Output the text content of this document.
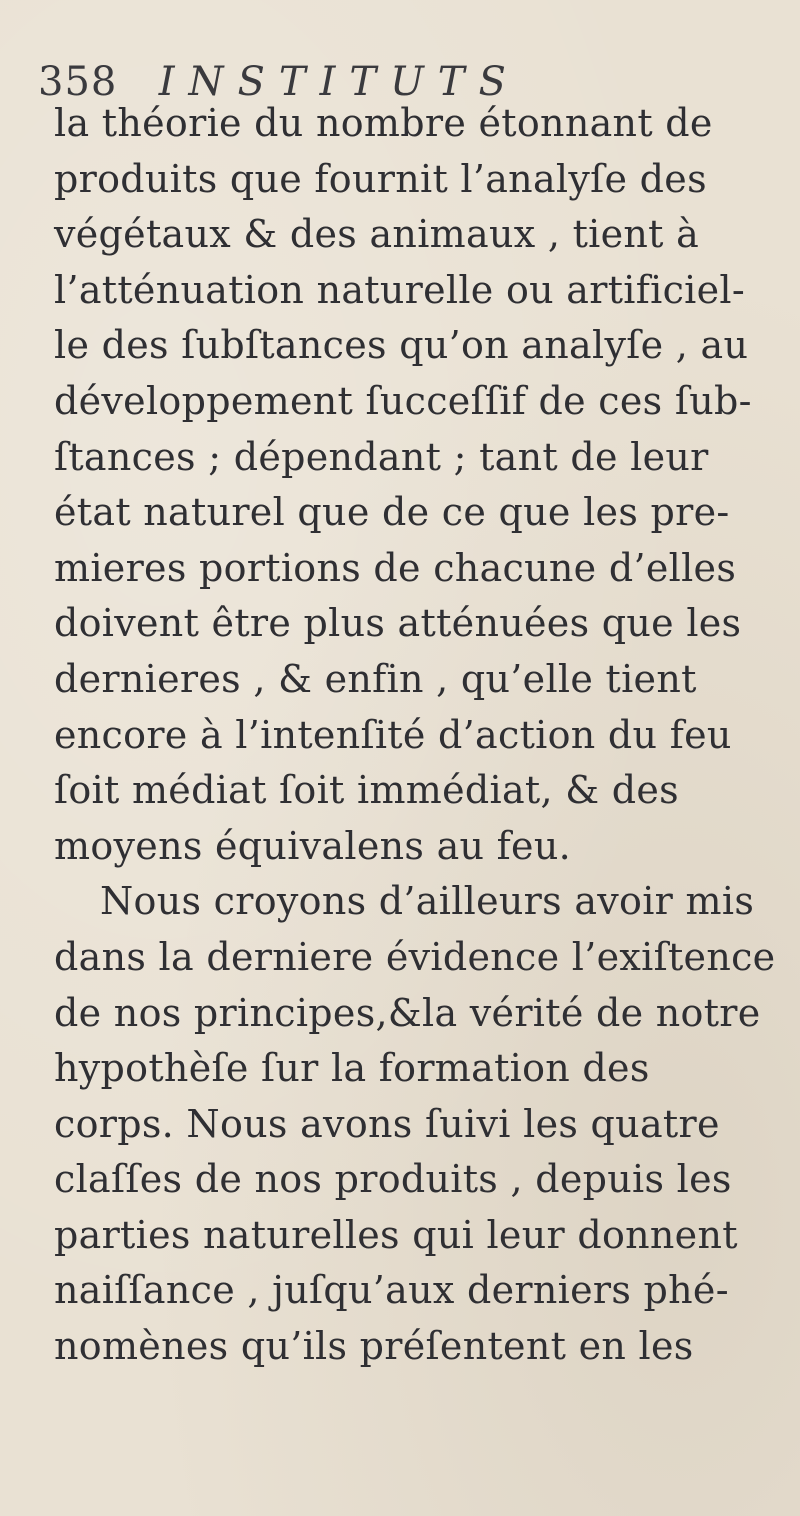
358 INSTITUTS
la théorie du nombre étonnant de
produits que fournit l’analyſe des
végétaux & des animaux , tient à
l’atténuation naturelle ou artificiel-
le des ſubſtances qu’on analyſe , au
développement ſucceſſif de ces ſub-
ſtances ; dépendant ; tant de leur
état naturel que de ce que les pre-
mieres portions de chacune d’elles
doivent être plus atténuées que les
dernieres , & enfin , qu’elle tient
encore à l’intenſité d’action du feu
ſoit médiat ſoit immédiat, & des
moyens équivalens au feu.
Nous croyons d’ailleurs avoir mis
dans la derniere évidence l’exiſtence
de nos principes,&la vérité de notre
hypothèſe ſur la formation des
corps. Nous avons ſuivi les quatre
claſſes de nos produits , depuis les
parties naturelles qui leur donnent
naiſſance , juſqu’aux derniers phé-
nomènes qu’ils préſentent en les
